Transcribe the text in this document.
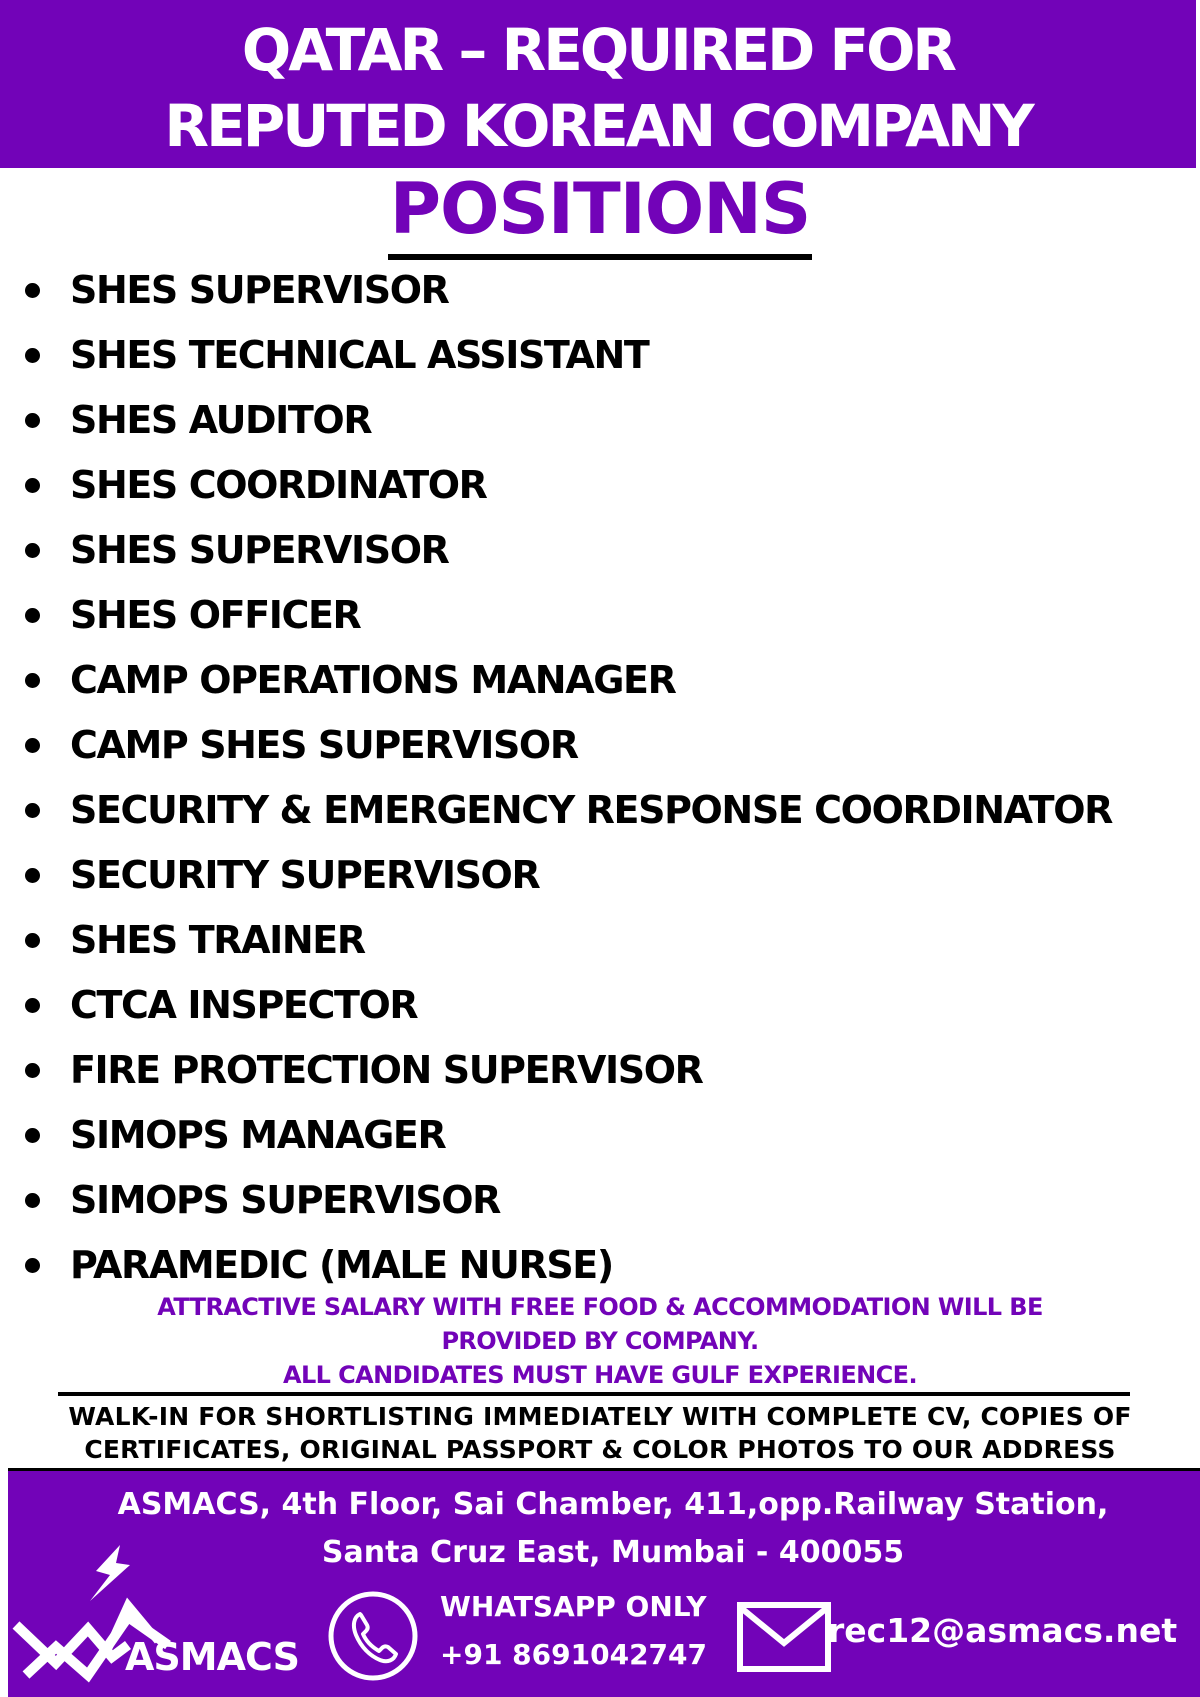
QATAR – REQUIRED FOR
REPUTED KOREAN COMPANY
POSITIONS
SHES SUPERVISOR
SHES TECHNICAL ASSISTANT
SHES AUDITOR
SHES COORDINATOR
SHES SUPERVISOR
SHES OFFICER
CAMP OPERATIONS MANAGER
CAMP SHES SUPERVISOR
SECURITY & EMERGENCY RESPONSE COORDINATOR
SECURITY SUPERVISOR
SHES TRAINER
CTCA INSPECTOR
FIRE PROTECTION SUPERVISOR
SIMOPS MANAGER
SIMOPS SUPERVISOR
PARAMEDIC (MALE NURSE)
ATTRACTIVE SALARY WITH FREE FOOD & ACCOMMODATION WILL BE
PROVIDED BY COMPANY.
ALL CANDIDATES MUST HAVE GULF EXPERIENCE.
WALK-IN FOR SHORTLISTING IMMEDIATELY WITH COMPLETE CV, COPIES OF
CERTIFICATES, ORIGINAL PASSPORT & COLOR PHOTOS TO OUR ADDRESS
ASMACS, 4th Floor, Sai Chamber, 411,opp.Railway Station,
Santa Cruz East, Mumbai - 400055
ASMACS
WHATSAPP ONLY
+91 8691042747
rec12@asmacs.net
